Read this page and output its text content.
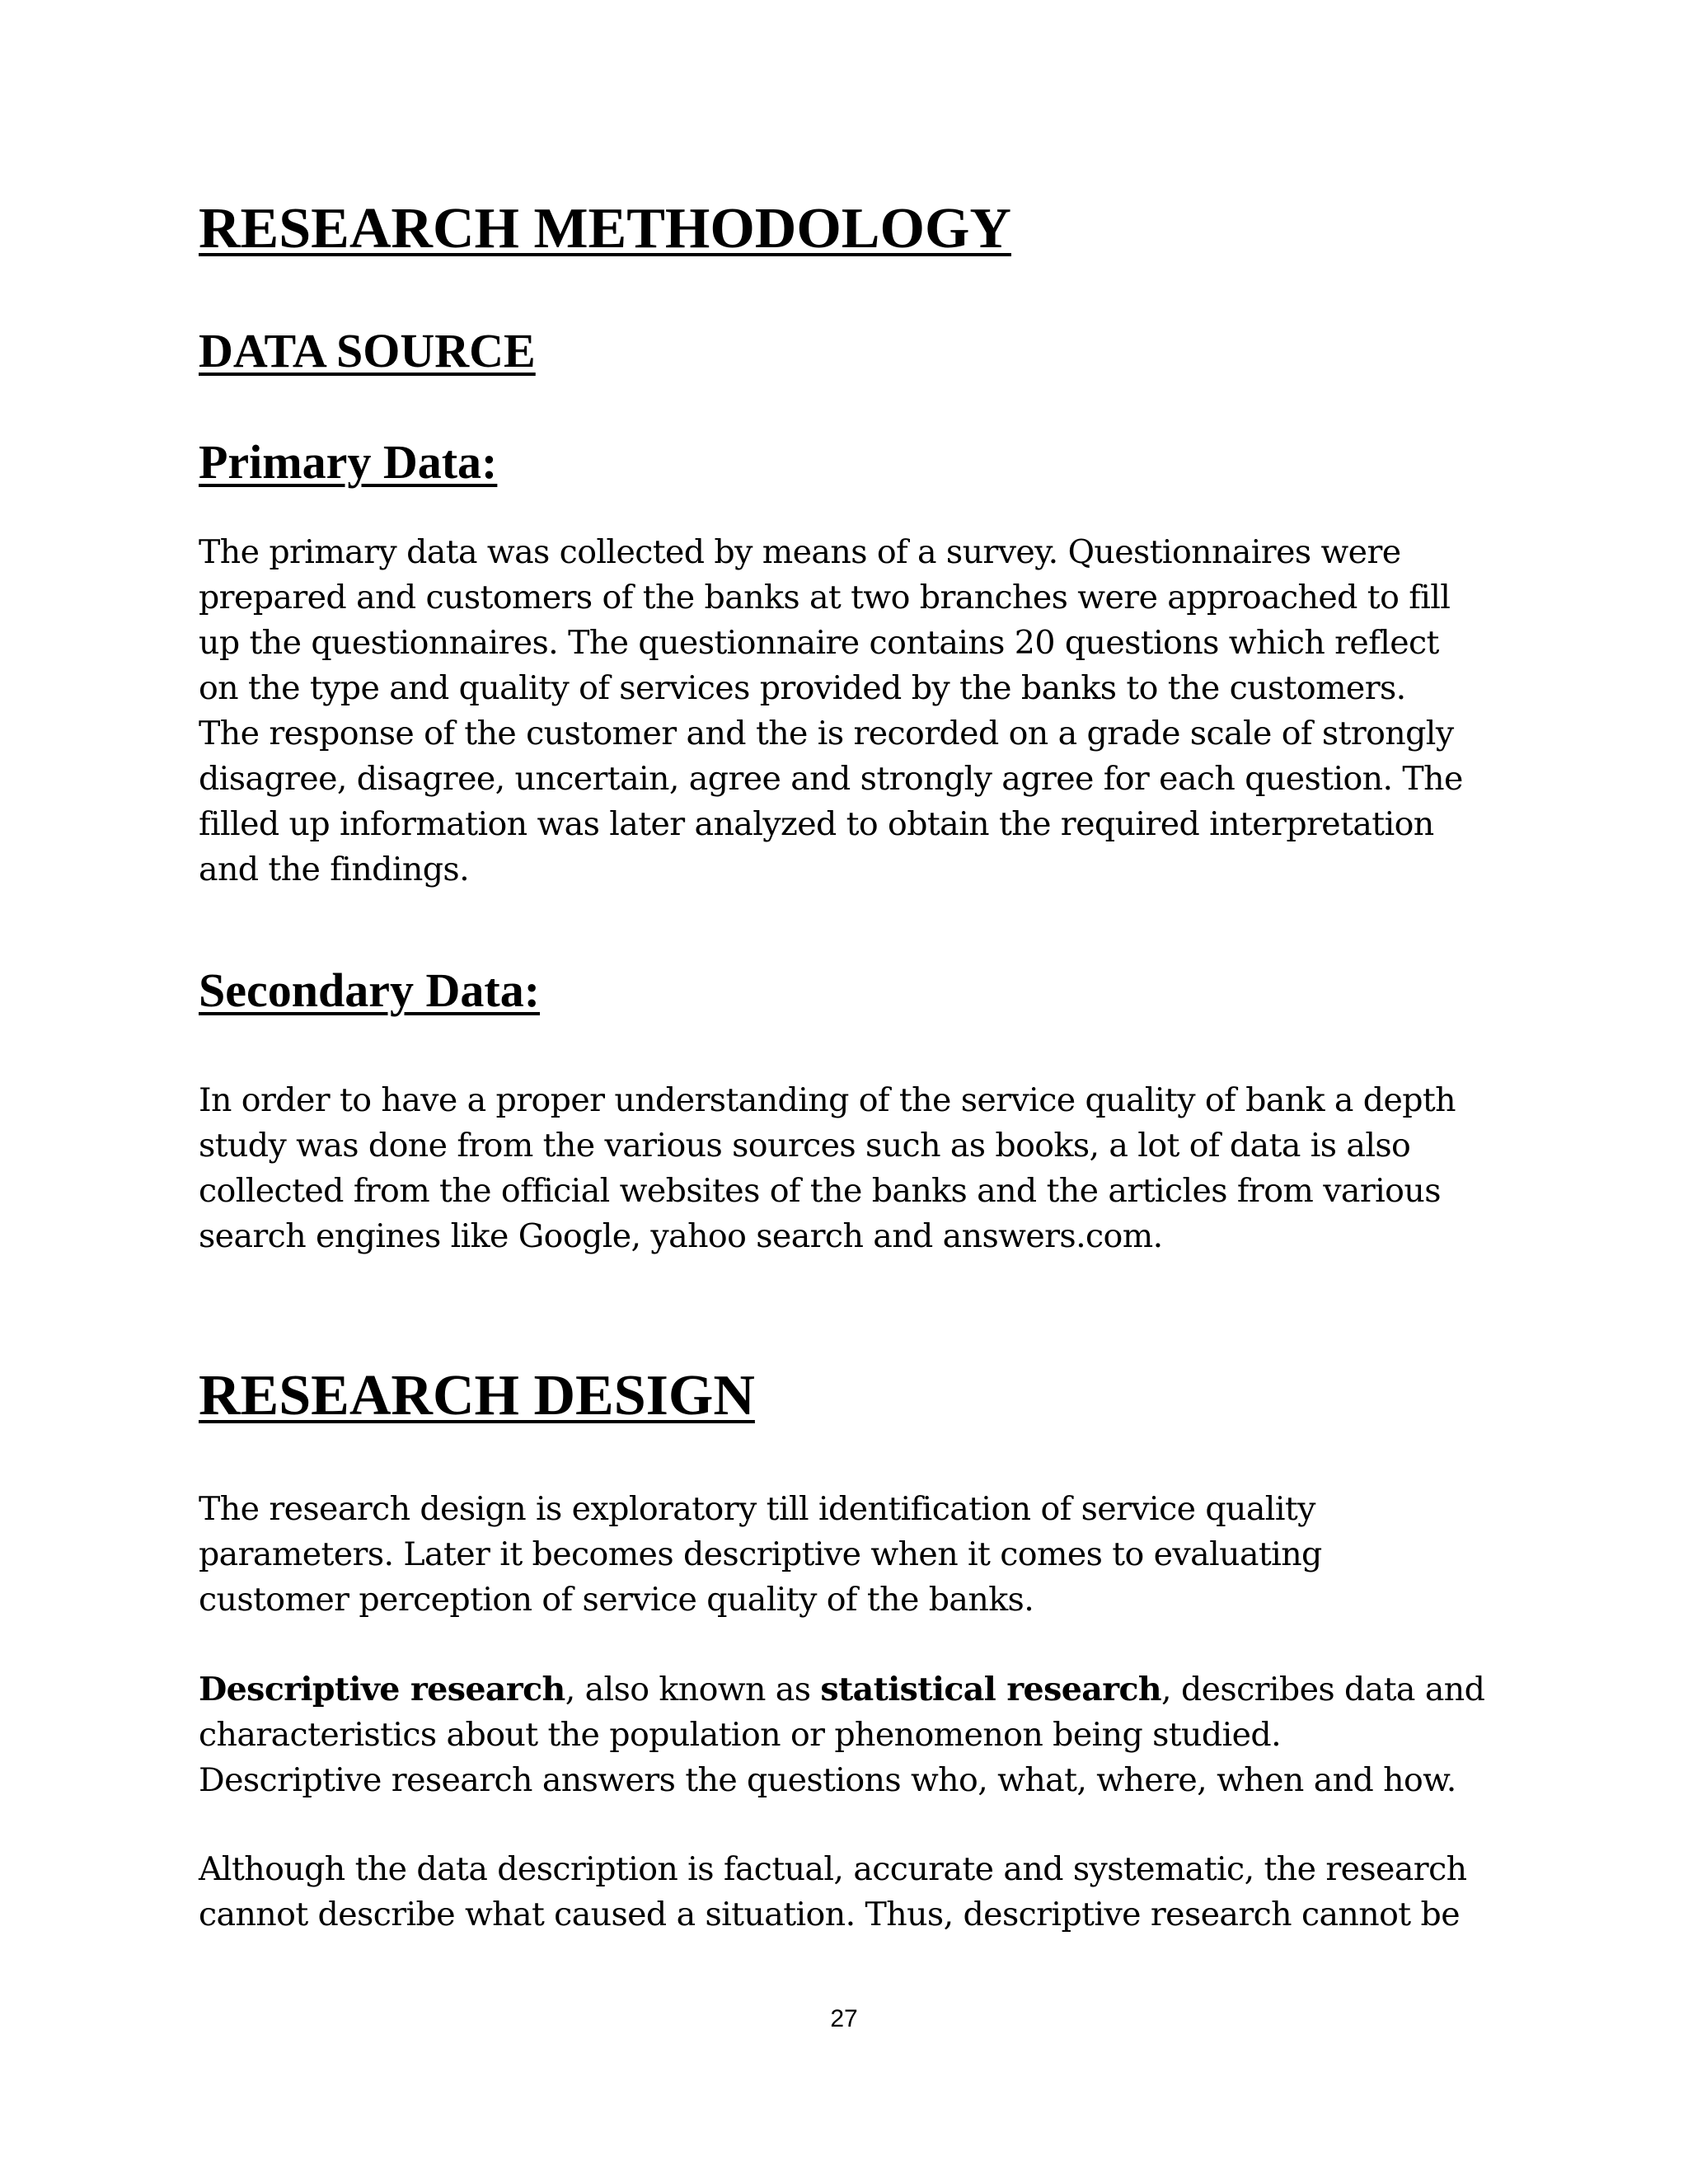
RESEARCH METHODOLOGY
DATA SOURCE
Primary Data:

The primary data was collected by means of a survey. Questionnaires were
prepared and customers of the banks at two branches were approached to fill
up the questionnaires. The questionnaire contains 20 questions which reflect
on the type and quality of services provided by the banks to the customers.
The response of the customer and the is recorded on a grade scale of strongly
disagree, disagree, uncertain, agree and strongly agree for each question. The
filled up information was later analyzed to obtain the required interpretation
and the findings.

Secondary Data:

In order to have a proper understanding of the service quality of bank a depth
study was done from the various sources such as books, a lot of data is also
collected from the official websites of the banks and the articles from various
search engines like Google, yahoo search and answers.com.

RESEARCH DESIGN

The research design is exploratory till identification of service quality
parameters. Later it becomes descriptive when it comes to evaluating
customer perception of service quality of the banks.

Descriptive research, also known as statistical research, describes data and
characteristics about the population or phenomenon being studied.
Descriptive research answers the questions who, what, where, when and how.

Although the data description is factual, accurate and systematic, the research
cannot describe what caused a situation. Thus, descriptive research cannot be

27
